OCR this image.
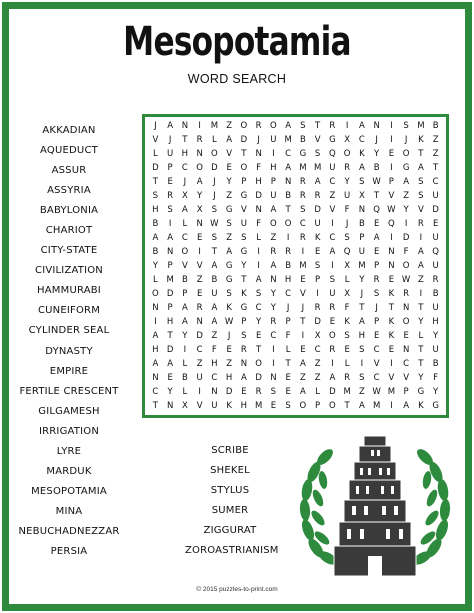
Mesopotamia
WORD SEARCH
AKKADIAN
AQUEDUCT
ASSUR
ASSYRIA
BABYLONIA
CHARIOT
CITY-STATE
CIVILIZATION
HAMMURABI
CUNEIFORM
CYLINDER SEAL
DYNASTY
EMPIRE
FERTILE CRESCENT
GILGAMESH
IRRIGATION
LYRE
MARDUK
MESOPOTAMIA
MINA
NEBUCHADNEZZAR
PERSIA
SCRIBE
SHEKEL
STYLUS
SUMER
ZIGGURAT
ZOROASTRIANISM
J	A	N	I	M Z O R O A	S	T	R	I	A	N	I	S M B
V	J	T	R	L	A	D	J	U M B	V	G	X	C	J	I	J	K	Z
L	U H N O V	T	N	I	C G	S	Q O	K	Y	E	O	T	Z
D	P	C O D	E	O	F	H	A M M U	R	A	B	I	G	A	T
T	E	J	A	J	Y	P	H	P	N	R	A	C	Y	S W P	A	S	C
S	R	X	Y	J	Z	G D U	B	R	R	Z	U	X	T	V	Z	S	U
H	S	A	X	S	G	V	N	A	T	S	D	V	F	N Q W Y	V	D
B	I	L	N W S	U	F	O O C	U	I	J	B	E	Q	I	R	E
A	A	C	E	S	Z	S	L	Z	I	R	K	C	S	P	A	I	D	I	U
B	N O	I	T	A	G	I	R	R	I	E	A Q U	E	N	F	A Q
Y	P	V	V	A	G	Y	I	A	B M S	I	X M	P	N O A	U
L	M B	Z	B	G	T	A	N H	E	P	S	L	Y	R	E W Z	R
O D	P	E	U	S	K	S	Y	C	V	I	U	X	J	S	K	R	I	B
N	P	A	R	A	K	G C	Y	J	J	R	R	F	T	J	T	N	T	U
I	H	A	N	A W P	Y	R	P	T	D	E	K	A	P	K	O	Y	H
A	T	Y	D	Z	J	S	E	C	F	I	X O	S	H	E	K	E	L	Y
H D	I	C	F	E	R	T	I	L	E	C	R	E	S	C	E	N	T	U
A	A	L	Z	H	Z	N O	I	T	A	Z	I	L	I	V	I	C	T	B
N	E	B	U	C	H	A	D N	E	Z	Z	A	R	S	C	V	V	Y	F
C	Y	L	I	N D	E	R	S	E	A	L	D M Z W M	P	G	Y
T	N	X	V	U	K	H M E	S	O	P	O	T	A M	I	A	K	G
© 2015 puzzles-to-print.com
